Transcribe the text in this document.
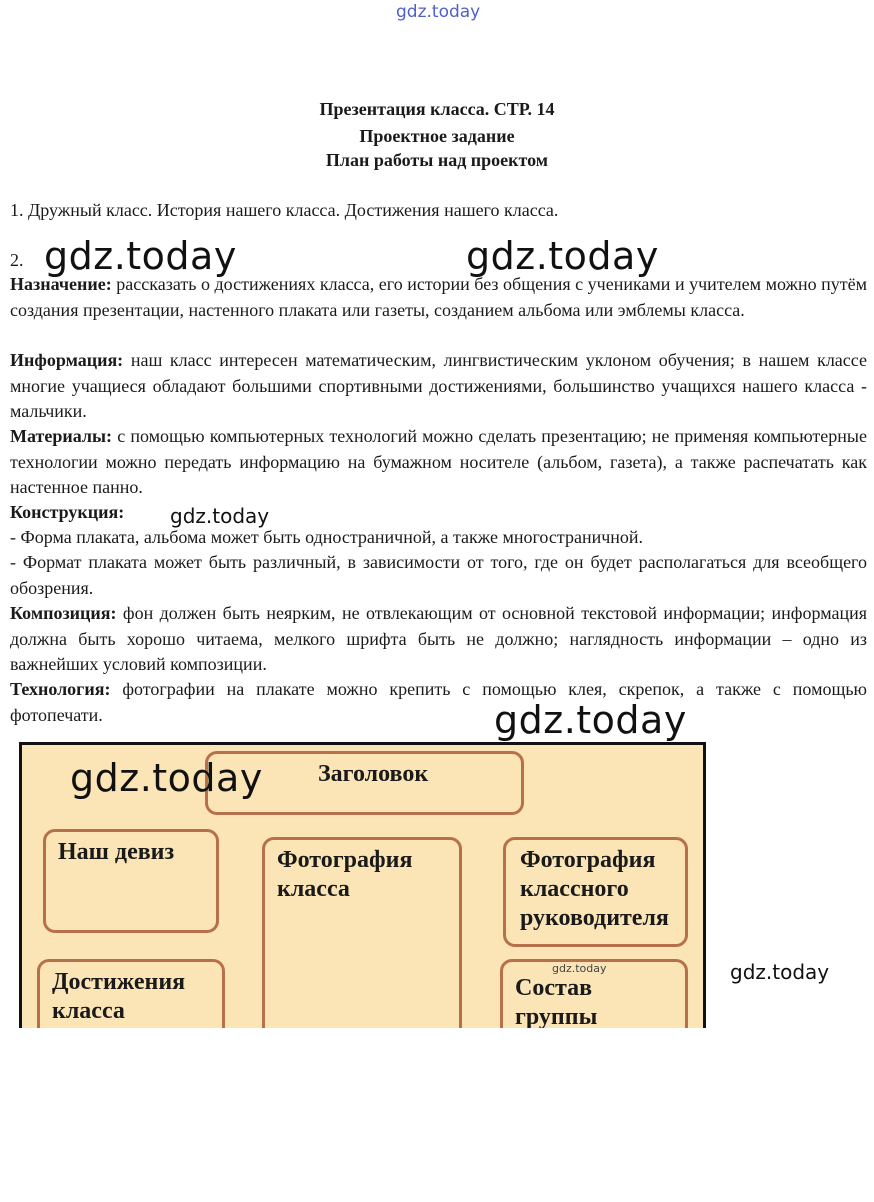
gdz.today
Презентация класса. СТР. 14
Проектное задание
План работы над проектом
1. Дружный класс. История нашего класса. Достижения нашего класса.
2. gdz.today	gdz.today
Назначение: рассказать о достижениях класса, его истории без общения с учениками и учителем можно путём создания презентации, настенного плаката или газеты, созданием альбома или эмблемы класса.
Информация: наш класс интересен математическим, лингвистическим уклоном обучения; в нашем классе многие учащиеся обладают большими спортивными достижениями, большинство учащихся нашего класса - мальчики.
Материалы: с помощью компьютерных технологий можно сделать презентацию; не применяя компьютерные технологии можно передать информацию на бумажном носителе (альбом, газета), а также распечатать как настенное панно.
Конструкция: gdz.today
- Форма плаката, альбома может быть одностраничной, а также многостраничной.
- Формат плаката может быть различный, в зависимости от того, где он будет располагаться для всеобщего обозрения.
Композиция: фон должен быть неярким, не отвлекающим от основной текстовой информации; информация должна быть хорошо читаема, мелкого шрифта быть не должно; наглядность информации – одно из важнейших условий композиции.
Технология: фотографии на плакате можно крепить с помощью клея, скрепок, а также с помощью фотопечати.	gdz.today
Заголовок
Наш девиз	Фотография класса
Фотография классного руководителя
Достижения класса
Состав группы
gdz.today
gdz.today
gdz.today
